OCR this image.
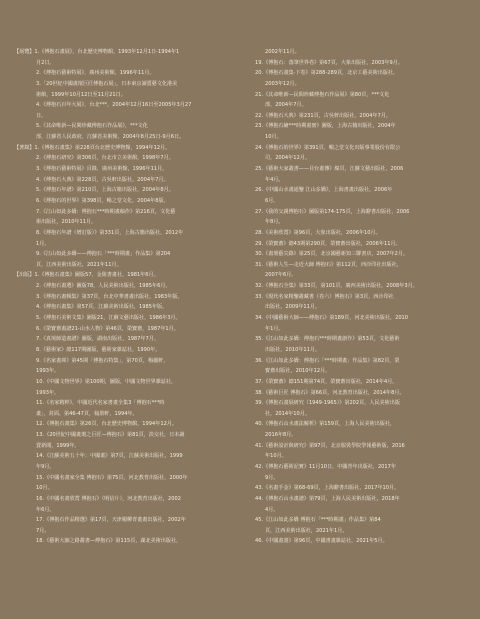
【展覽】1.《傅抱石畫展》，台北歷史博物館，1993年12月1日-1994年1
月2日。
2.《傅抱石藝術特展》，廣州美術館，1996年11月。
3.「20世紀中國畫壇巨匠傅抱石展」，日本東京讀賣藝文化港美
術館，1999年10月12日至11月21日。
4.《傅抱石百年大展》，台北***，2004年12月16日至2005年3月27
日。
5.《其命唯新—民間珍藏傅抱石作品展》，***文化
部，江蘇省人民政府，江蘇省美術館，2004年8月25日-9月6日。
【著錄】1.《傅抱石畫集》第228頁台北歷史博物館，1994年12月。
2.《傅抱石研究》第306頁，台北市立美術館，1998年7月。
3.《傅抱石藝術特展》目錄，廣州美術館，1996年11月。
4.《傅抱石大典》第228頁，古吳軒出版社，2004年7月。
5.《傅抱石年譜》第210頁，上海古籍出版社，2004年8月。
6.《傅抱石的世界》第398頁，暢之堂文化，2004年8版。
7.《江山如此多嬌：傅抱石***時期畫稿作》第216頁，文化藝
術出版社，2010年11月。
8.《傅抱石年譜（增訂版）》第331頁，上海古籍出版社，2012年
1月。
9.《江山如此多嬌——傅抱石「***時期畫」作品集》第204
頁，江西美術出版社，2021年11月。
【出版】1.《傅抱石畫集》圖版57，金陵書畫社，1981年6月。
2.《傅抱石畫選》圖版78，人民美術出版社，1985年6月。
3.《傅抱石畫輯集》第37頁，台北中華書畫出版社，1983年版。
4.《傅抱石畫集》第57頁，江蘇美術出版社，1985年版。
5.《傅抱石美術文集》圖版21，江蘇文藝出版社，1986年3月。
6.《榮寶齋畫譜21-山水人物》第46頁，榮寶齋，1987年1月。
7.《真境師造畫譜》圖版，湖南出版社，1987年7月。
8.《藝術家》總117期圖版，藝術家雜誌社，1990年。
9.《名家畫庫》第45期「傅抱石特集」，第70頁，梅灑軒，
1993年。
10.《中國文物世界》第100期，圖版，中國文物世界雜誌社，
1993年。
11.《名家精粹》，中國近代名家書畫全集3「傅抱石***時
畫」，封面、第46-47頁，翰墨軒，1994年。
12.《傅抱石畫集》第26頁，台北歷史博物館，1994年12月。
13.《20世紀中國畫壇之巨匠—傅抱石》第81頁，淡交社，日本讀
賣新聞，1999年。
14.《江蘇美術五十年：中國畫》第7頁，江蘇美術出版社，1999
年9月。
15.《中國名畫家全集 傅抱石》第75頁，河北教育出版社，2000年
10月。
16.《中國名畫欣賞 傅抱石》（明信片），河北教育出版社，2002
年6月。
17.《傅抱石作品精選》第17頁，天津楊柳青畫畫出版社，2002年
7月。
18.《藝術大師之路叢書—傅抱石》第115頁，湖北美術出版社，
2002年11月。
19.《傅抱石：落筆世界卷》第67頁，大象出版社，2003年9月。
20.《傅抱石畫集·下卷》第288-289頁，北京工藝美術出版社，
2003年12月。
21.《其命唯新—民間珍藏傅抱石作品展》第80頁，***文化
部，2004年7月。
22.《傅抱石大典》第231頁，古吳軒出版社，2004年7月。
23.《傅抱石繪***時期畫冊》圖版，上海古籍出版社，2004年
10月。
24.《傅抱石的世界》第391頁，暢之堂文化出版事業股份有限公
司，2004年12月。
25.《藝術大家叢書——目台畫傳》線頁，江蘇文藝出版社，2006
年4月。
26.《中國山水畫通鑒 江山多嬌》，上海書畫出版社，2006年
6月。
27.《我的父親傅抱石》圖版第174-175頁，上海辭書出版社，2006
年8月。
28.《美術欣賞》第96頁，大象出版社，2006年10月。
29.《榮寶齋》總43期第290頁，榮寶齋出版社，2006年11月。
30.《畫壇藝尖錄》第25頁，北京國藝新知三聯書店，2007年2月。
31.《藝術人生—走近大師 傅抱石》第112頁，西泠印社出版社，
2007年6月。
32.《傅抱石全集》第33頁，第101頁，廣西美術出版社，2008年3月。
33.《現代名家精鑒叢藏書（卷六）傅抱石》第3頁，西泠印社
出版社，2009年11月。
34.《中國藝術大師——傅抱石》第189頁，河北美術出版社，2010
年1月。
35.《江山如此多嬌：傅抱石***時期畫創作》第53頁，文化藝術
出版社，2010年11月。
36.《江山如此多嬌：傅抱石「***時期畫」作品集》第82頁，榮
寶齋出版社，2010年12月。
37.《榮寶齋》總151期第74頁，榮寶齋出版社，2014年4月。
38.《藝術巨匠 傅抱石》第66頁，河北教育出版社，2014年8月。
39.《傅抱石畫展研究（1949-1965）》第202頁，人民美術出版
社，2014年10月。
40.《傅抱石山水畫法解析》第159頁，上海人民美術出版社，
2016年8月。
41.《藝術設計與研究》第97頁，北京服裝學院學報藝術版，2016
年10月。
42.《傅抱石藝術記實》11月10日，中國青年出版社，2017年
9月。
43.《名畫手金》第68-69頁，上海辭書出版社，2017年10月。
44.《傅抱石山水畫譜》第79頁，上海人民美術出版社，2018年
4月。
45.《江山如此多嬌 傅抱石「***時期畫」作品集》第84
頁，江西美術出版社，2021年1月。
46.《中國畫畫》第96頁，中國書畫雜誌社，2021年5月。
